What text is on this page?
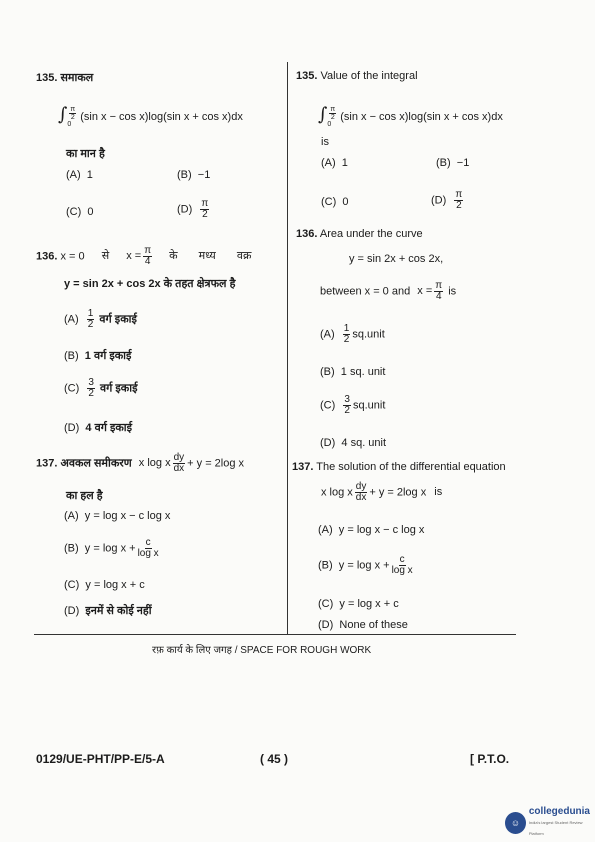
135. समाकल
∫ $\frac{\pi}{2}$
0
(sin x − cos x)log(sin x + cos x)dx
का मान है
(A) 1	(B) −1
(C) 0	$(D) \frac{\pi}{2}$
135. Value of the integral
∫ $\frac{\pi}{2}$
0
(sin x − cos x)log(sin x + cos x)dx
is
(A) 1	(B) −1
(C) 0	$(D) \frac{\pi}{2}$
136. x = 0 से $x = \frac{\pi}{4}$ के मध्य वक्र
y = sin 2x + cos 2x के तहत क्षेत्रफल है
$(A) \frac{1}{2}$ वर्ग इकाई
(B) 1 वर्ग इकाई
$(C) \frac{3}{2}$ वर्ग इकाई
(D) 4 वर्ग इकाई
136. Area under the curve
y = sin 2x + cos 2x,
between x = 0 and $x = \frac{\pi}{4}$ is
$(A) \frac{1}{2}$ sq.unit
(B) 1 sq. unit
$(C) \frac{3}{2}$ sq.unit
(D) 4 sq. unit
137. अवकल समीकरण x log x $\frac{dy}{dx} + y = 2\log$ x
का हल है
(A) y = log x − c log x
(B) $y = \log x + \frac{c}{\text{log x}}$
(C) y = log x + c
(D) इनमें से कोई नहीं
137. The solution of the differential equation
x log x $\frac{dy}{dx} + y = 2\log$ x is
(A) y = log x − c log x
(B) $y = \log x + \frac{c}{\text{log x}}$
(C) y = log x + c
(D) None of these
रफ़ कार्य के लिए जगह / SPACE FOR ROUGH WORK
0129/UE-PHT/PP-E/5-A	( 45 )	[ P.T.O.
☺
collegedunia
India's largest Student Review Platform
